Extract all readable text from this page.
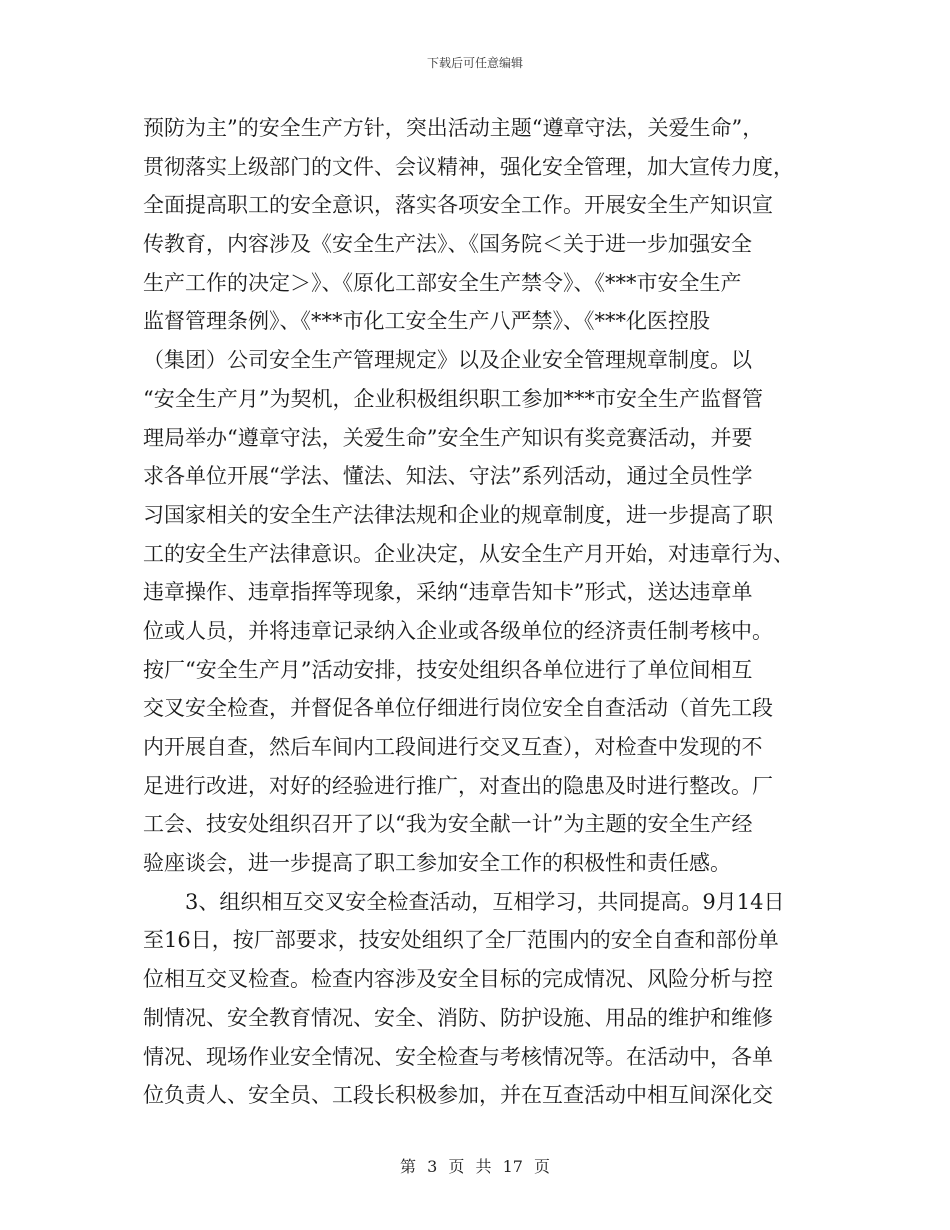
下载后可任意编辑
预防为主”的安全生产方针，突出活动主题“遵章守法，关爱生命”，
贯彻落实上级部门的文件、会议精神，强化安全管理，加大宣传力度，
全面提高职工的安全意识，落实各项安全工作。开展安全生产知识宣
传教育，内容涉及《安全生产法》、《国务院＜关于进一步加强安全
生产工作的决定＞》、《原化工部安全生产禁令》、《***市安全生产
监督管理条例》、《***市化工安全生产八严禁》、《***化医控股
（集团）公司安全生产管理规定》以及企业安全管理规章制度。以
“安全生产月”为契机，企业积极组织职工参加***市安全生产监督管
理局举办“遵章守法，关爱生命”安全生产知识有奖竞赛活动，并要
求各单位开展“学法、懂法、知法、守法”系列活动，通过全员性学
习国家相关的安全生产法律法规和企业的规章制度，进一步提高了职
工的安全生产法律意识。企业决定，从安全生产月开始，对违章行为、
违章操作、违章指挥等现象，采纳“违章告知卡”形式，送达违章单
位或人员，并将违章记录纳入企业或各级单位的经济责任制考核中。
按厂“安全生产月”活动安排，技安处组织各单位进行了单位间相互
交叉安全检查，并督促各单位仔细进行岗位安全自查活动（首先工段
内开展自查，然后车间内工段间进行交叉互查），对检查中发现的不
足进行改进，对好的经验进行推广，对查出的隐患及时进行整改。厂
工会、技安处组织召开了以“我为安全献一计”为主题的安全生产经
验座谈会，进一步提高了职工参加安全工作的积极性和责任感。
3、组织相互交叉安全检查活动，互相学习，共同提高。9月14日
至16日，按厂部要求，技安处组织了全厂范围内的安全自查和部份单
位相互交叉检查。检查内容涉及安全目标的完成情况、风险分析与控
制情况、安全教育情况、安全、消防、防护设施、用品的维护和维修
情况、现场作业安全情况、安全检查与考核情况等。在活动中，各单
位负责人、安全员、工段长积极参加，并在互查活动中相互间深化交
第 3 页 共 17 页
